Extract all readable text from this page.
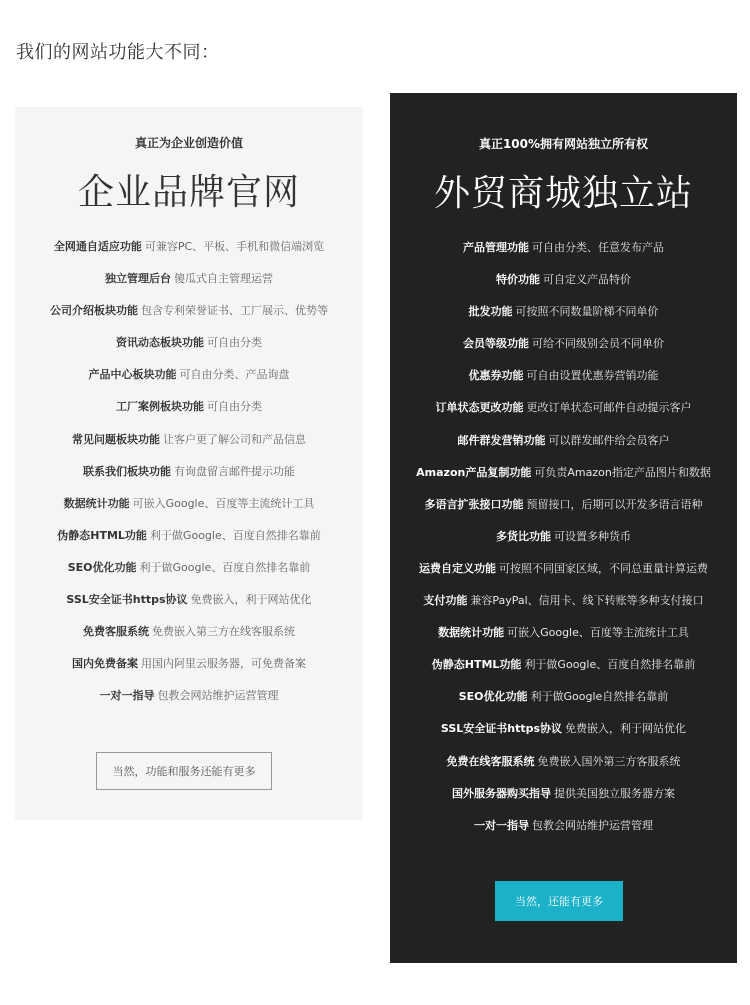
我们的网站功能大不同：
真正为企业创造价值
企业品牌官网
全网通自适应功能 可兼容PC、平板、手机和微信端浏览
独立管理后台 傻瓜式自主管理运营
公司介绍板块功能 包含专利荣誉证书、工厂展示、优势等
资讯动态板块功能 可自由分类
产品中心板块功能 可自由分类、产品询盘
工厂案例板块功能 可自由分类
常见问题板块功能 让客户更了解公司和产品信息
联系我们板块功能 有询盘留言邮件提示功能
数据统计功能 可嵌入Google、百度等主流统计工具
伪静态HTML功能 利于做Google、百度自然排名靠前
SEO优化功能 利于做Google、百度自然排名靠前
SSL安全证书https协议 免费嵌入，利于网站优化
免费客服系统 免费嵌入第三方在线客服系统
国内免费备案 用国内阿里云服务器，可免费备案
一对一指导 包教会网站维护运营管理
当然，功能和服务还能有更多
真正100%拥有网站独立所有权
外贸商城独立站
产品管理功能 可自由分类、任意发布产品
特价功能 可自定义产品特价
批发功能 可按照不同数量阶梯不同单价
会员等级功能 可给不同级别会员不同单价
优惠券功能 可自由设置优惠券营销功能
订单状态更改功能 更改订单状态可邮件自动提示客户
邮件群发营销功能 可以群发邮件给会员客户
Amazon产品复制功能 可负责Amazon指定产品图片和数据
多语言扩张接口功能 预留接口，后期可以开发多语言语种
多货比功能 可设置多种货币
运费自定义功能 可按照不同国家区域，不同总重量计算运费
支付功能 兼容PayPal、信用卡、线下转账等多种支付接口
数据统计功能 可嵌入Google、百度等主流统计工具
伪静态HTML功能 利于做Google、百度自然排名靠前
SEO优化功能 利于做Google自然排名靠前
SSL安全证书https协议 免费嵌入，利于网站优化
免费在线客服系统 免费嵌入国外第三方客服系统
国外服务器购买指导 提供美国独立服务器方案
一对一指导 包教会网站维护运营管理
当然，还能有更多
